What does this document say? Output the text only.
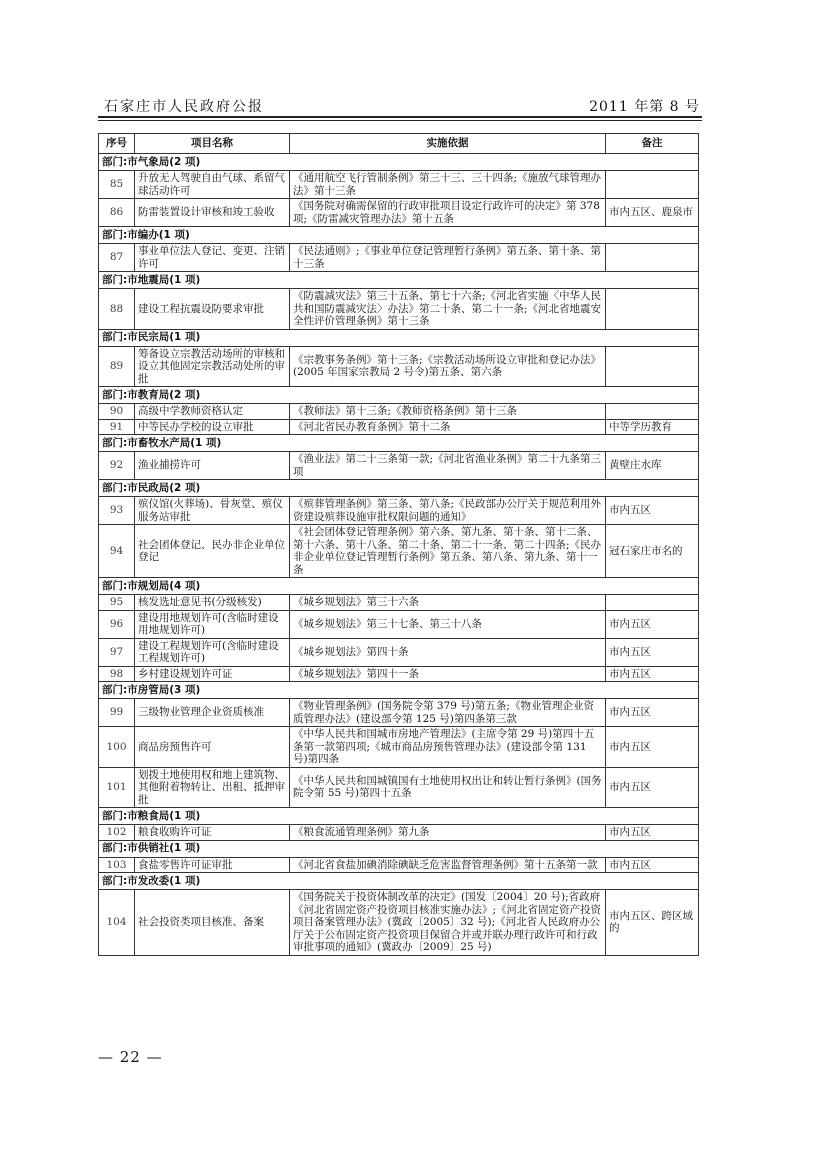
石家庄市人民政府公报	2011 年第 8 号
序号	项目名称	实施依据	备注
部门:市气象局(2 项)			
85	升放无人驾驶自由气球、系留气球活动许可	《通用航空飞行管制条例》第三十三、三十四条;《施放气球管理办法》第十三条	
86	防雷装置设计审核和竣工验收	《国务院对确需保留的行政审批项目设定行政许可的决定》第 378 项;《防雷减灾管理办法》第十五条	市内五区、鹿泉市
部门:市编办(1 项)			
87	事业单位法人登记、变更、注销许可	《民法通则》;《事业单位登记管理暂行条例》第五条、第十条、第十三条	
部门:市地震局(1 项)			
88	建设工程抗震设防要求审批	《防震减灾法》第三十五条、第七十六条;《河北省实施〈中华人民共和国防震减灾法〉办法》第二十条、第二十一条;《河北省地震安全性评价管理条例》第十三条	
部门:市民宗局(1 项)			
89	筹备设立宗教活动场所的审核和设立其他固定宗教活动处所的审批	《宗教事务条例》第十三条;《宗教活动场所设立审批和登记办法》(2005 年国家宗教局 2 号令)第五条、第六条	
部门:市教育局(2 项)			
90	高级中学教师资格认定	《教师法》第十三条;《教师资格条例》第十三条	
91	中等民办学校的设立审批	《河北省民办教育条例》第十二条	中等学历教育
部门:市畜牧水产局(1 项)			
92	渔业捕捞许可	《渔业法》第二十三条第一款;《河北省渔业条例》第二十九条第三项	黄壁庄水库
部门:市民政局(2 项)			
93	殡仪馆(火葬场)、骨灰堂、殡仪服务站审批	《殡葬管理条例》第三条、第八条;《民政部办公厅关于规范利用外资建设殡葬设施审批权限问题的通知》	市内五区
94	社会团体登记、民办非企业单位登记	《社会团体登记管理条例》第六条、第九条、第十条、第十二条、第十六条、第十八条、第二十条、第二十一条、第二十四条;《民办非企业单位登记管理暂行条例》第五条、第八条、第九条、第十一条	冠石家庄市名的
部门:市规划局(4 项)			
95	核发选址意见书(分级核发)	《城乡规划法》第三十六条	
96	建设用地规划许可(含临时建设用地规划许可)	《城乡规划法》第三十七条、第三十八条	市内五区
97	建设工程规划许可(含临时建设工程规划许可)	《城乡规划法》第四十条	市内五区
98	乡村建设规划许可证	《城乡规划法》第四十一条	市内五区
部门:市房管局(3 项)			
99	三级物业管理企业资质核准	《物业管理条例》(国务院令第 379 号)第五条;《物业管理企业资质管理办法》(建设部令第 125 号)第四条第三款	市内五区
100	商品房预售许可	《中华人民共和国城市房地产管理法》(主席令第 29 号)第四十五条第一款第四项;《城市商品房预售管理办法》(建设部令第 131 号)第四条	市内五区
101	划拨土地使用权和地上建筑物、其他附着物转让、出租、抵押审批	《中华人民共和国城镇国有土地使用权出让和转让暂行条例》(国务院令第 55 号)第四十五条	市内五区
部门:市粮食局(1 项)			
102	粮食收购许可证	《粮食流通管理条例》第九条	市内五区
部门:市供销社(1 项)			
103	食盐零售许可证审批	《河北省食盐加碘消除碘缺乏危害监督管理条例》第十五条第一款	市内五区
部门:市发改委(1 项)			
104	社会投资类项目核准、备案	《国务院关于投资体制改革的决定》(国发〔2004〕20 号);省政府《河北省固定资产投资项目核准实施办法》;《河北省固定资产投资项目备案管理办法》(冀政〔2005〕32 号);《河北省人民政府办公厅关于公布固定资产投资项目保留合并或并联办理行政许可和行政审批事项的通知》(冀政办〔2009〕25 号)	市内五区、跨区域的
— 22 —
